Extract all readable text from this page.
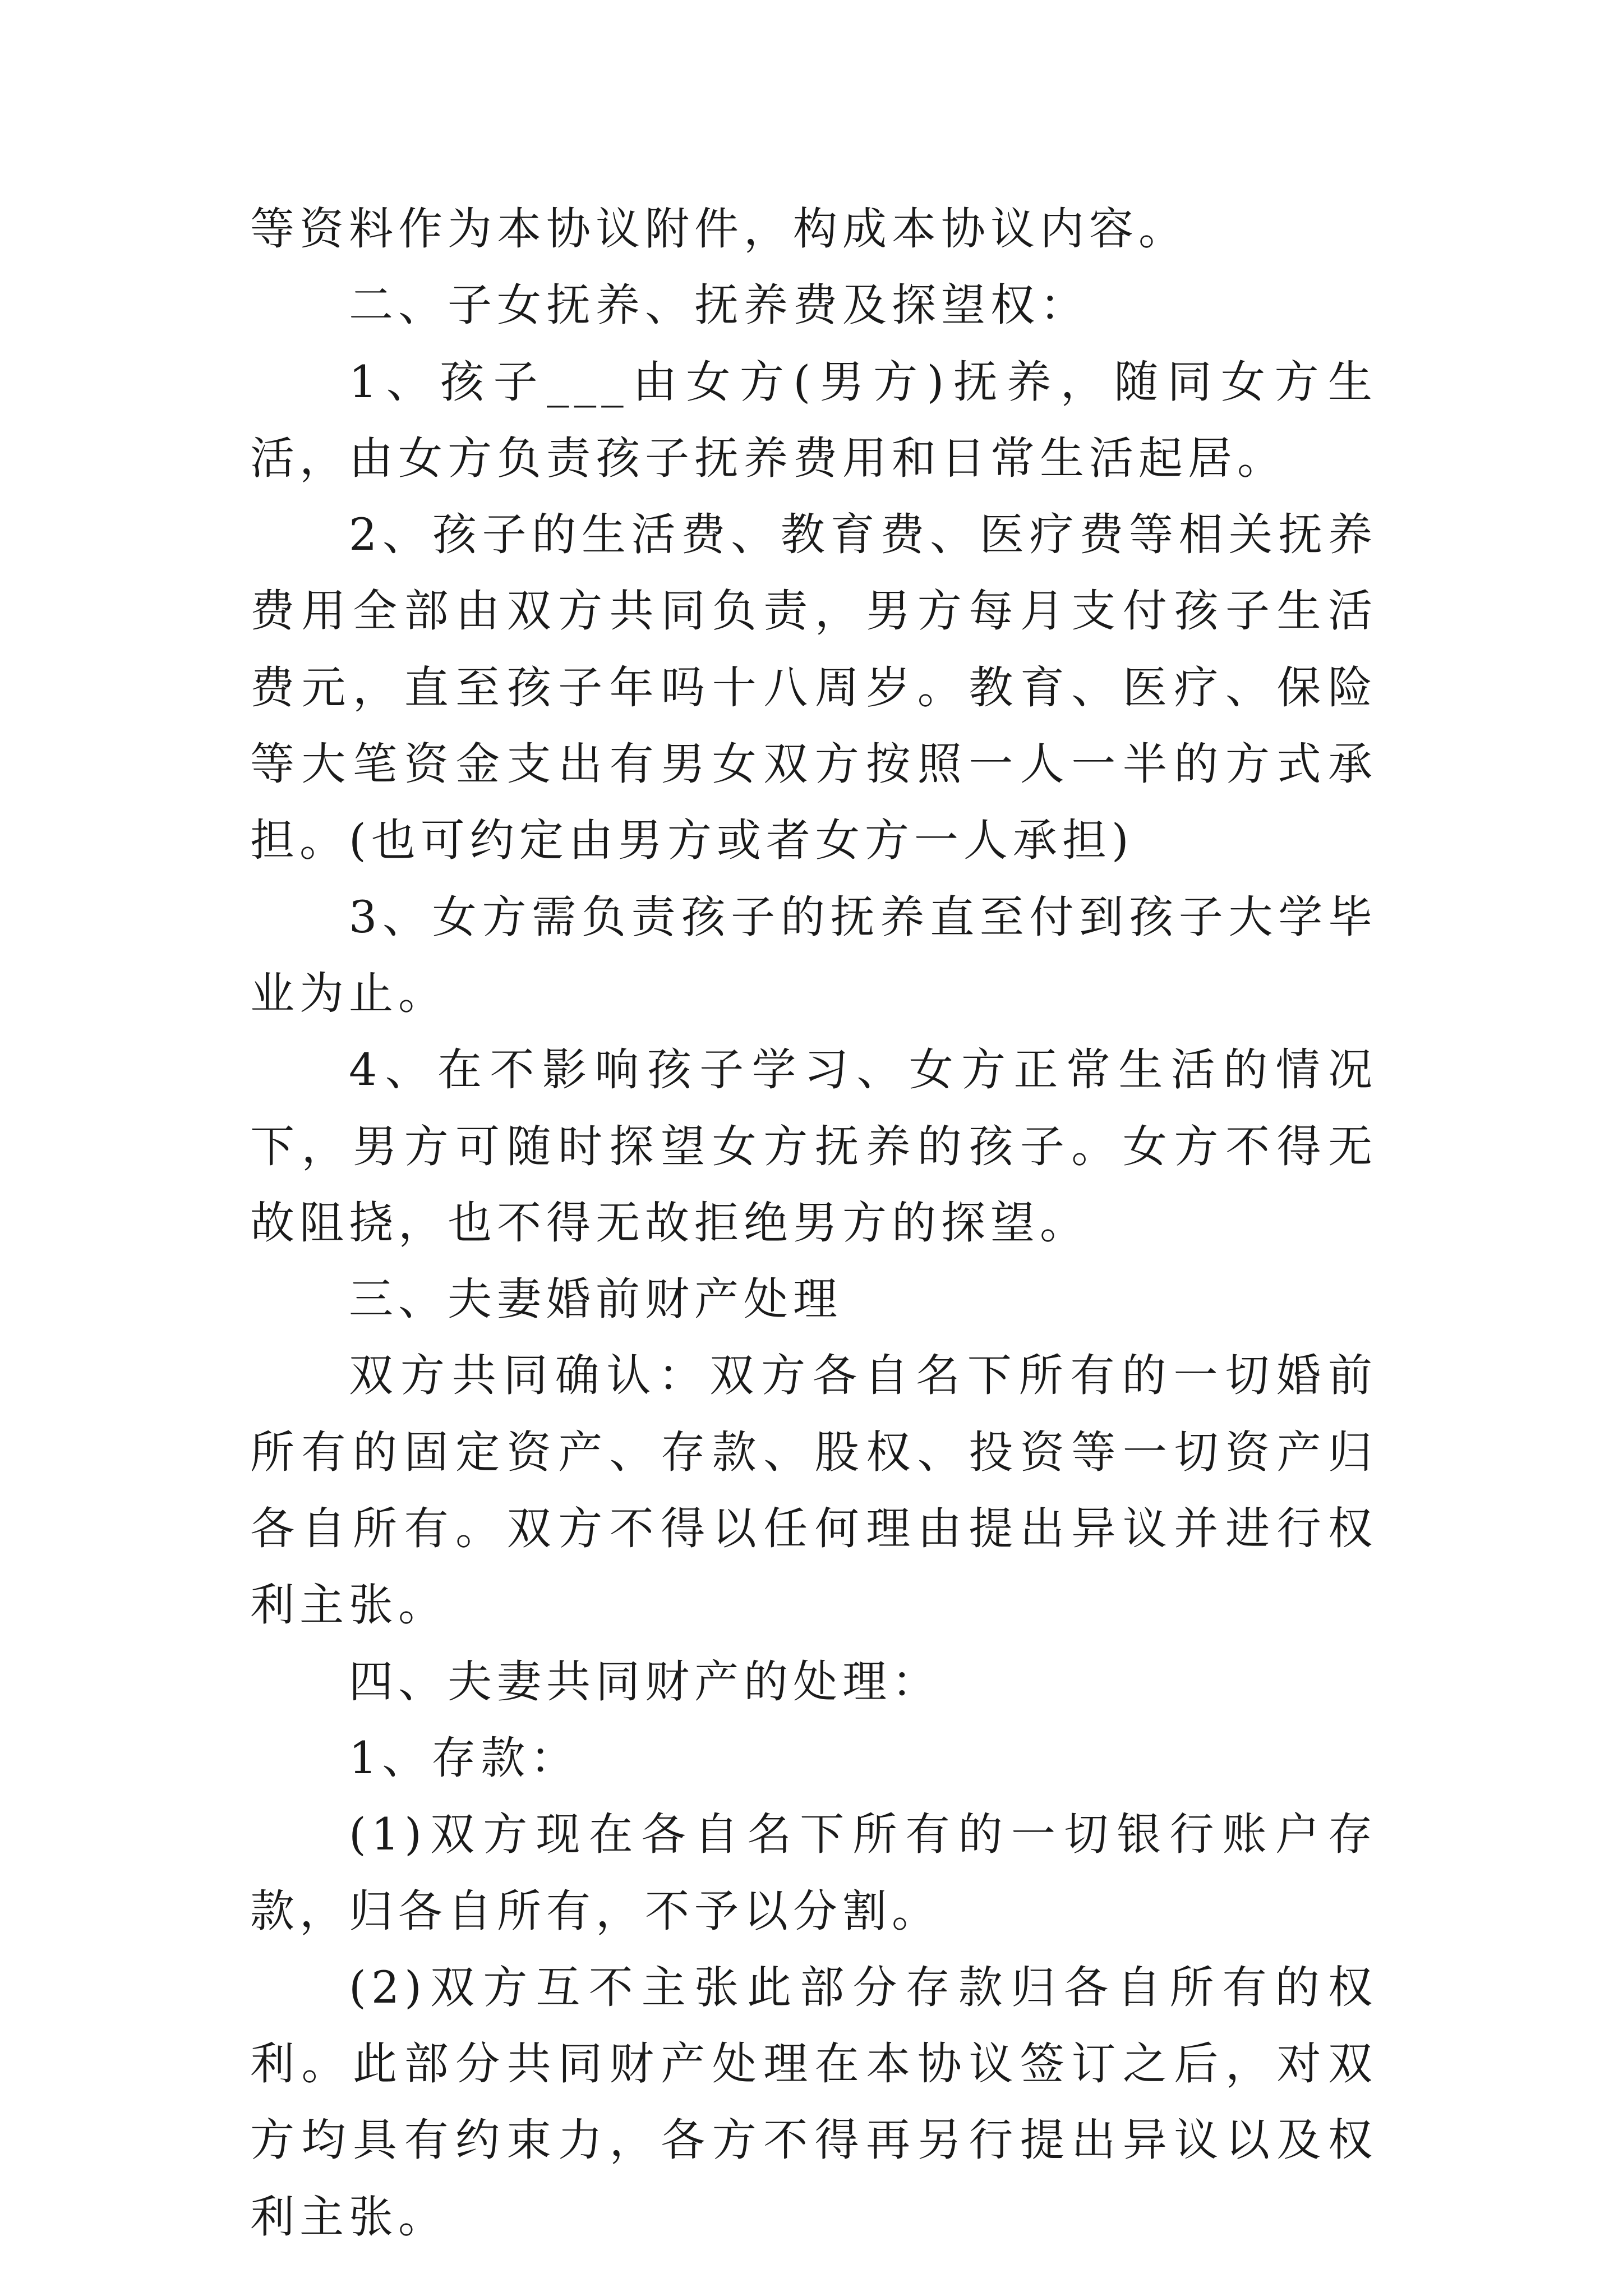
等资料作为本协议附件，构成本协议内容。

二、子女抚养、抚养费及探望权：

1、孩子___由女方(男方)抚养，随同女方生活，由女方负责孩子抚养费用和日常生活起居。

2、孩子的生活费、教育费、医疗费等相关抚养费用全部由双方共同负责，男方每月支付孩子生活费元，直至孩子年吗十八周岁。教育、医疗、保险等大笔资金支出有男女双方按照一人一半的方式承担。(也可约定由男方或者女方一人承担)

3、女方需负责孩子的抚养直至付到孩子大学毕业为止。

4、在不影响孩子学习、女方正常生活的情况下，男方可随时探望女方抚养的孩子。女方不得无故阻挠，也不得无故拒绝男方的探望。

三、夫妻婚前财产处理

双方共同确认：双方各自名下所有的一切婚前所有的固定资产、存款、股权、投资等一切资产归各自所有。双方不得以任何理由提出异议并进行权利主张。

四、夫妻共同财产的处理：

1、存款：

(1)双方现在各自名下所有的一切银行账户存款，归各自所有，不予以分割。

(2)双方互不主张此部分存款归各自所有的权利。此部分共同财产处理在本协议签订之后，对双方均具有约束力，各方不得再另行提出异议以及权利主张。
